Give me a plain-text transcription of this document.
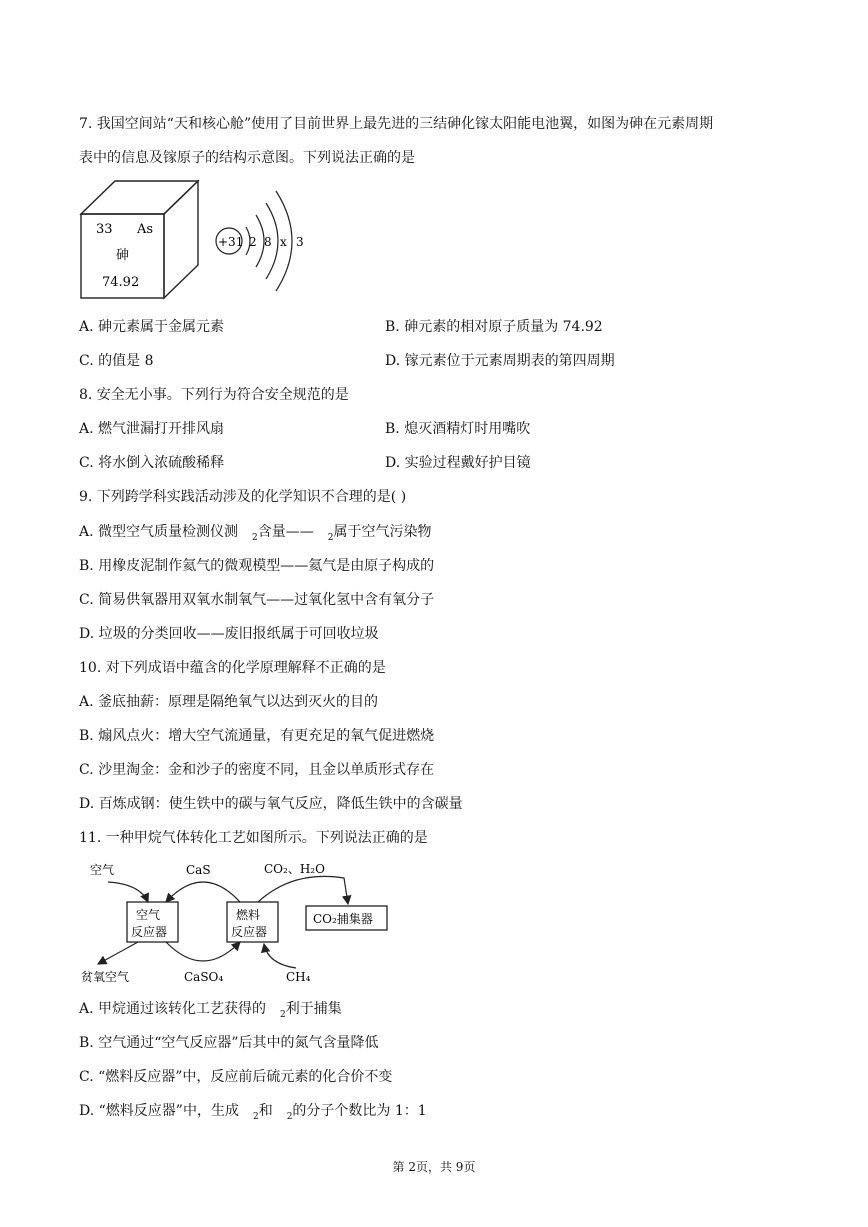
7. 我国空间站“天和核心舱”使用了目前世界上最先进的三结砷化镓太阳能电池翼，如图为砷在元素周期
表中的信息及镓原子的结构示意图。下列说法正确的是
33 As
砷
74.92
+31 2 8 x 3
A. 砷元素属于金属元素	B. 砷元素的相对原子质量为 74.92
C. 的值是 8	D. 镓元素位于元素周期表的第四周期
8. 安全无小事。下列行为符合安全规范的是
A. 燃气泄漏打开排风扇	B. 熄灭酒精灯时用嘴吹
C. 将水倒入浓硫酸稀释	D. 实验过程戴好护目镜
9. 下列跨学科实践活动涉及的化学知识不合理的是( )
A. 微型空气质量检测仪测 $_2$含量—— $_2$属于空气污染物
B. 用橡皮泥制作氦气的微观模型——氦气是由原子构成的
C. 简易供氧器用双氧水制氧气——过氧化氢中含有氧分子
D. 垃圾的分类回收——废旧报纸属于可回收垃圾
10. 对下列成语中蕴含的化学原理解释不正确的是
A. 釜底抽薪：原理是隔绝氧气以达到灭火的目的
B. 煽风点火：增大空气流通量，有更充足的氧气促进燃烧
C. 沙里淘金：金和沙子的密度不同，且金以单质形式存在
D. 百炼成钢：使生铁中的碳与氧气反应，降低生铁中的含碳量
11. 一种甲烷气体转化工艺如图所示。下列说法正确的是
空气
反应器
燃料
反应器
CO₂捕集器
空气	CaS	CO₂、H₂O
CaSO₄
贫氧空气	CH₄
A. 甲烷通过该转化工艺获得的 $_2$利于捕集
B. 空气通过“空气反应器”后其中的氮气含量降低
C. “燃料反应器”中，反应前后硫元素的化合价不变
D. “燃料反应器”中，生成 $_2$和 $_2$的分子个数比为 1：1
第 2页，共 9页
